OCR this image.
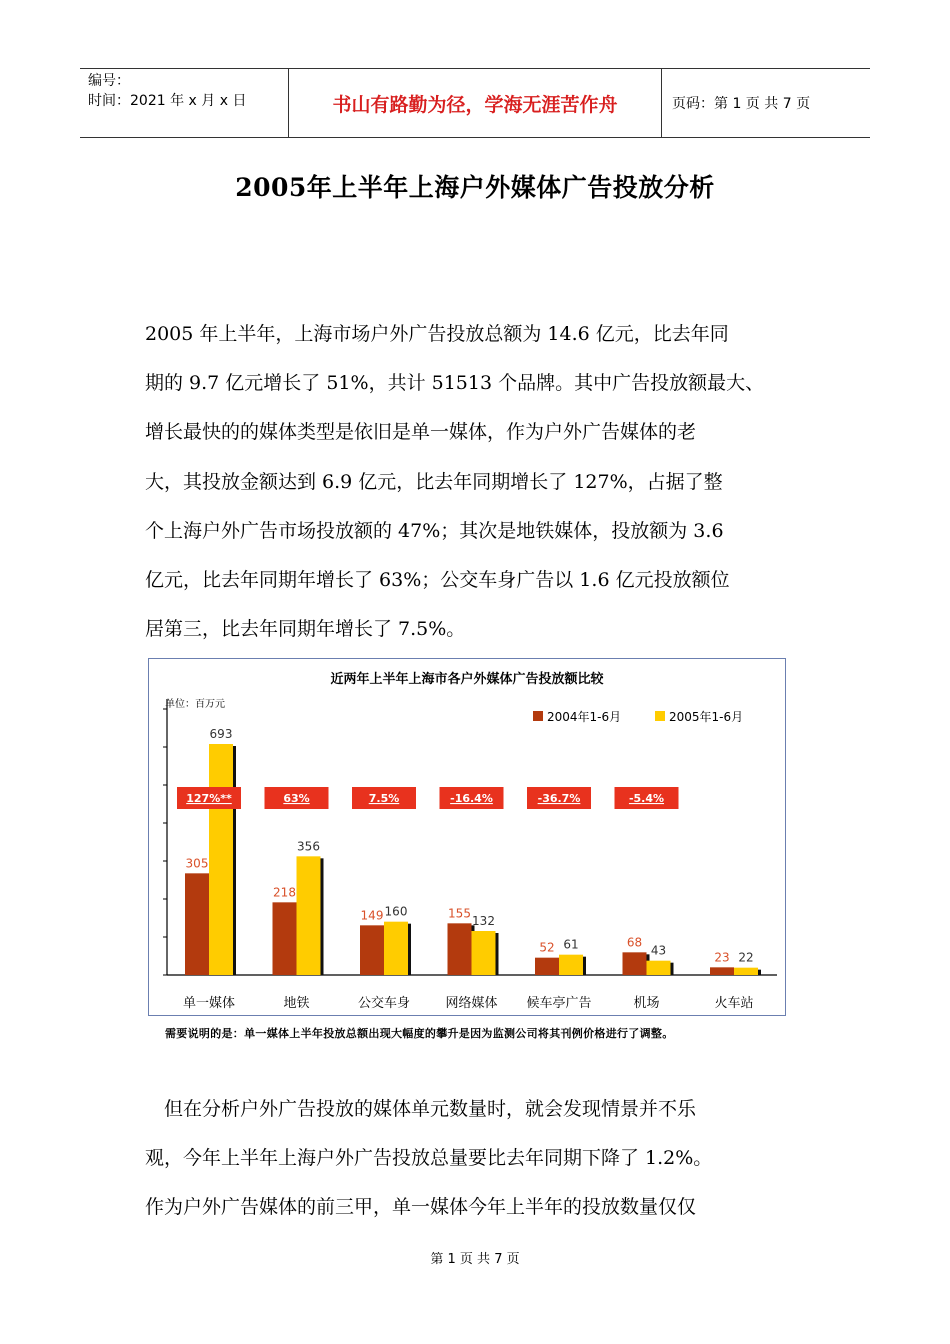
编号：
时间：2021 年 x 月 x 日	书山有路勤为径，学海无涯苦作舟	页码：第 1 页 共 7 页
2005年上半年上海户外媒体广告投放分析
2005 年上半年，上海市场户外广告投放总额为 14.6 亿元，比去年同
期的 9.7 亿元增长了 51%，共计 51513 个品牌。其中广告投放额最大、
增长最快的的媒体类型是依旧是单一媒体，作为户外广告媒体的老
大，其投放金额达到 6.9 亿元，比去年同期增长了 127%，占据了整
个上海户外广告市场投放额的 47%；其次是地铁媒体，投放额为 3.6
亿元，比去年同期年增长了 63%；公交车身广告以 1.6 亿元投放额位
居第三，比去年同期年增长了 7.5%。
近两年上半年上海市各户外媒体广告投放额比较
单位：百万元
2004年1-6月	2005年1-6月
305
693
单一媒体
218
356
地铁
149 160
公交车身
155
132
网络媒体
52 61
候车亭广告
68
43
机场
23 22
火车站
127%**	63%	7.5%	-16.4%	-36.7%	-5.4%
需要说明的是：单一媒体上半年投放总额出现大幅度的攀升是因为监测公司将其刊例价格进行了调整。
　但在分析户外广告投放的媒体单元数量时，就会发现情景并不乐
观，今年上半年上海户外广告投放总量要比去年同期下降了 1.2%。
作为户外广告媒体的前三甲，单一媒体今年上半年的投放数量仅仅
第 1 页 共 7 页
